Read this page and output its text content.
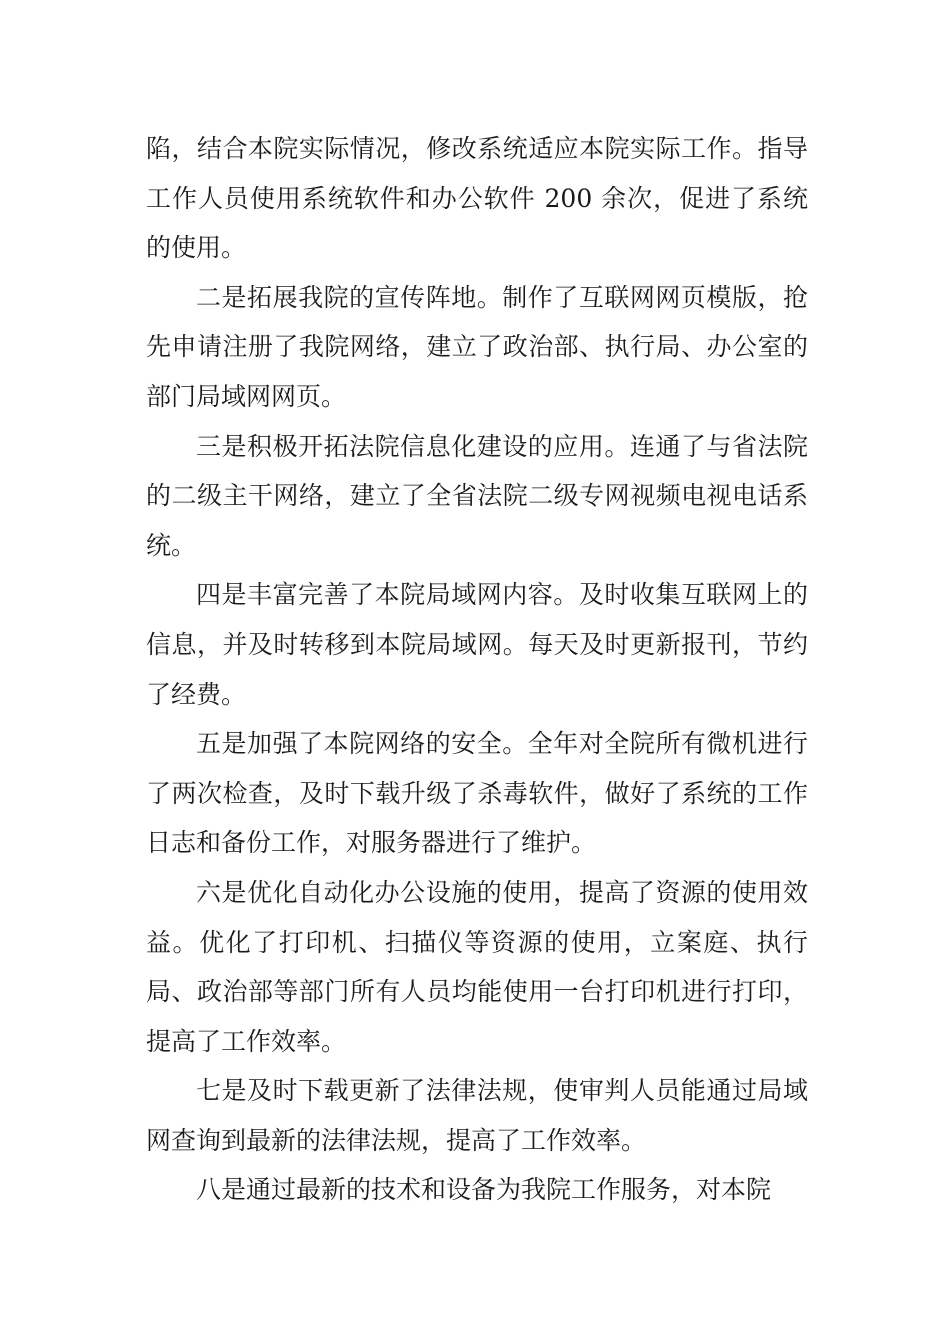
陷，结合本院实际情况，修改系统适应本院实际工作。指导工作人员使用系统软件和办公软件 200 余次，促进了系统的使用。

二是拓展我院的宣传阵地。制作了互联网网页模版，抢先申请注册了我院网络，建立了政治部、执行局、办公室的部门局域网网页。

三是积极开拓法院信息化建设的应用。连通了与省法院的二级主干网络，建立了全省法院二级专网视频电视电话系统。

四是丰富完善了本院局域网内容。及时收集互联网上的信息，并及时转移到本院局域网。每天及时更新报刊，节约了经费。

五是加强了本院网络的安全。全年对全院所有微机进行了两次检查，及时下载升级了杀毒软件，做好了系统的工作日志和备份工作，对服务器进行了维护。

六是优化自动化办公设施的使用，提高了资源的使用效益。优化了打印机、扫描仪等资源的使用，立案庭、执行局、政治部等部门所有人员均能使用一台打印机进行打印，提高了工作效率。

七是及时下载更新了法律法规，使审判人员能通过局域网查询到最新的法律法规，提高了工作效率。

八是通过最新的技术和设备为我院工作服务，对本院
